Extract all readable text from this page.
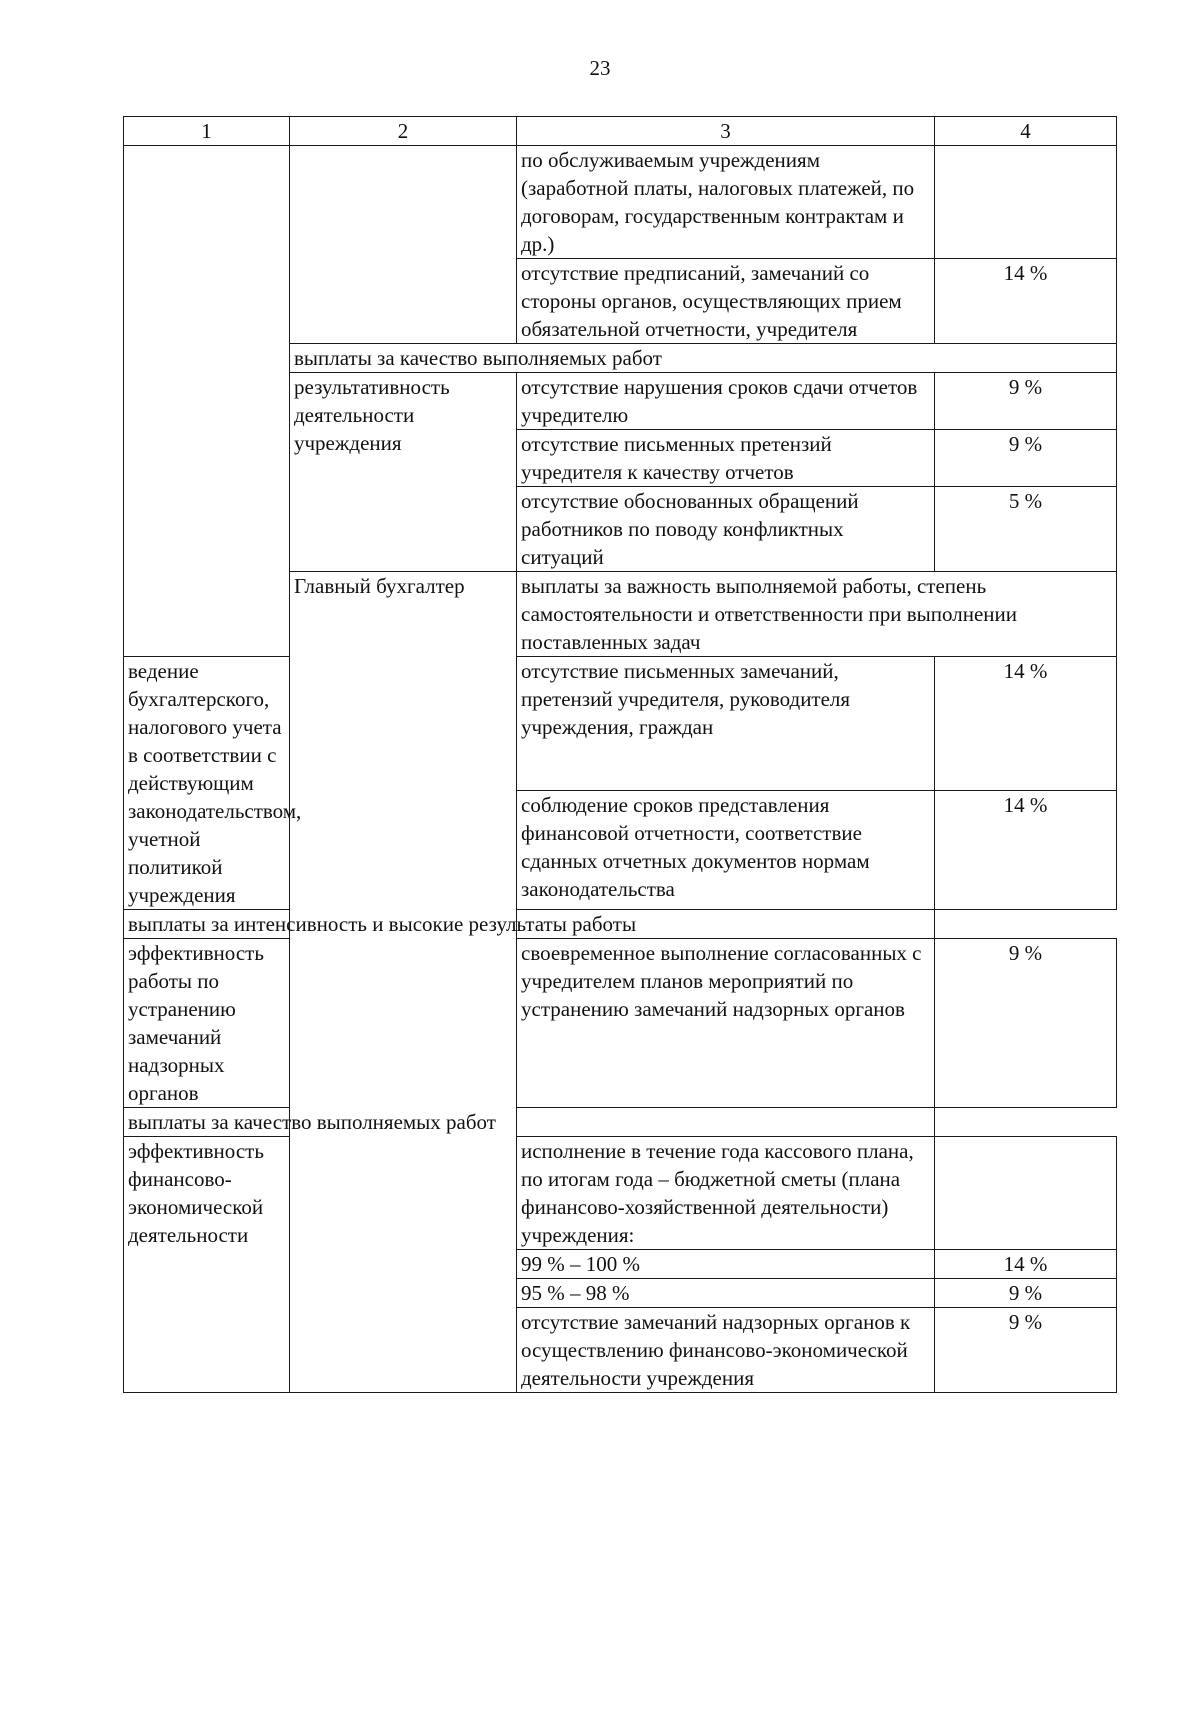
23
1	2	3	4
		по обслуживаемым учреждениям (заработной платы, налоговых платежей, по договорам, государственным контрактам и др.)	
		отсутствие предписаний, замечаний со стороны органов, осуществляющих прием обязательной отчетности, учредителя	14 %
	выплаты за качество выполняемых работ		
	результативность деятельности учреждения	отсутствие нарушения сроков сдачи отчетов учредителю	9 %
		отсутствие письменных претензий учредителя к качеству отчетов	9 %
		отсутствие обоснованных обращений работников по поводу конфликтных ситуаций	5 %
	Главный бухгалтер	выплаты за важность выполняемой работы, степень самостоятельности и ответственности при выполнении поставленных задач	
ведение бухгалтерского, налогового учета в соответствии с действующим законодательством, учетной политикой учреждения		отсутствие письменных замечаний, претензий учредителя, руководителя учреждения, граждан	14 %
		соблюдение сроков представления финансовой отчетности, соответствие сданных отчетных документов нормам законодательства	14 %
выплаты за интенсивность и высокие результаты работы			
эффективность работы по устранению замечаний надзорных органов		своевременное выполнение согласованных с учредителем планов мероприятий по устранению замечаний надзорных органов	9 %
выплаты за качество выполняемых работ			
эффективность финансово-экономической деятельности		исполнение в течение года кассового плана, по итогам года – бюджетной сметы (плана финансово-хозяйственной деятельности) учреждения:	
		99 % – 100 %	14 %
		95 % – 98 %	9 %
		отсутствие замечаний надзорных органов к осуществлению финансово-экономической деятельности учреждения	9 %
